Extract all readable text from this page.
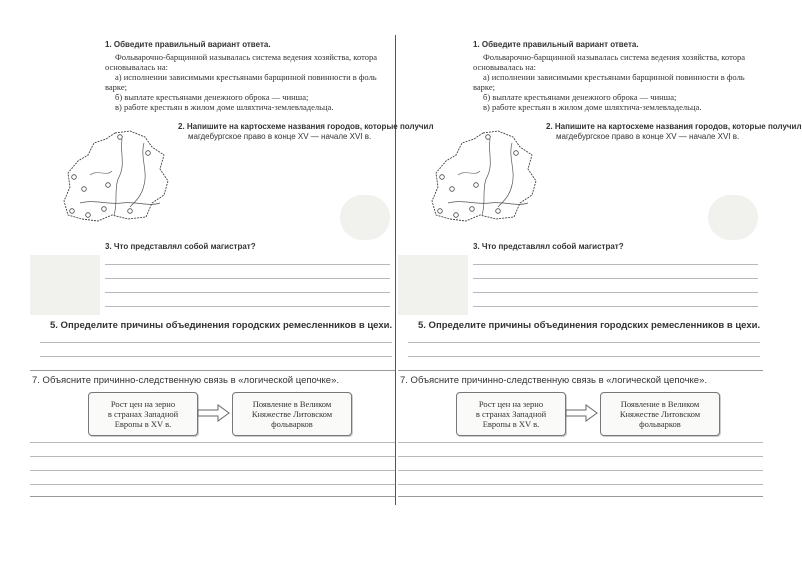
1. Обведите правильный вариант ответа.
Фольварочно-барщинной называлась система ведения хозяйства, котора
основывалась на:
а) исполнении зависимыми крестьянами барщинной повинности в фоль
варке;
б) выплате крестьянами денежного оброка — чинша;
в) работе крестьян в жилом доме шляхтича-землевладельца.
2. Напишите на картосхеме названия городов, которые получил
магдебургское право в конце XV — начале XVI в.
3. Что представлял собой магистрат?
5. Определите причины объединения городских ремесленников в цехи.
7. Объясните причинно-следственную связь в «логической цепочке».
Рост цен на зерно
в странах Западной
Европы в XV в.
Появление в Великом
Княжестве Литовском
фольварков
1. Обведите правильный вариант ответа.
Фольварочно-барщинной называлась система ведения хозяйства, котора
основывалась на:
а) исполнении зависимыми крестьянами барщинной повинности в фоль
варке;
б) выплате крестьянами денежного оброка — чинша;
в) работе крестьян в жилом доме шляхтича-землевладельца.
2. Напишите на картосхеме названия городов, которые получил
магдебургское право в конце XV — начале XVI в.
3. Что представлял собой магистрат?
5. Определите причины объединения городских ремесленников в цехи.
7. Объясните причинно-следственную связь в «логической цепочке».
Рост цен на зерно
в странах Западной
Европы в XV в.
Появление в Великом
Княжестве Литовском
фольварков
